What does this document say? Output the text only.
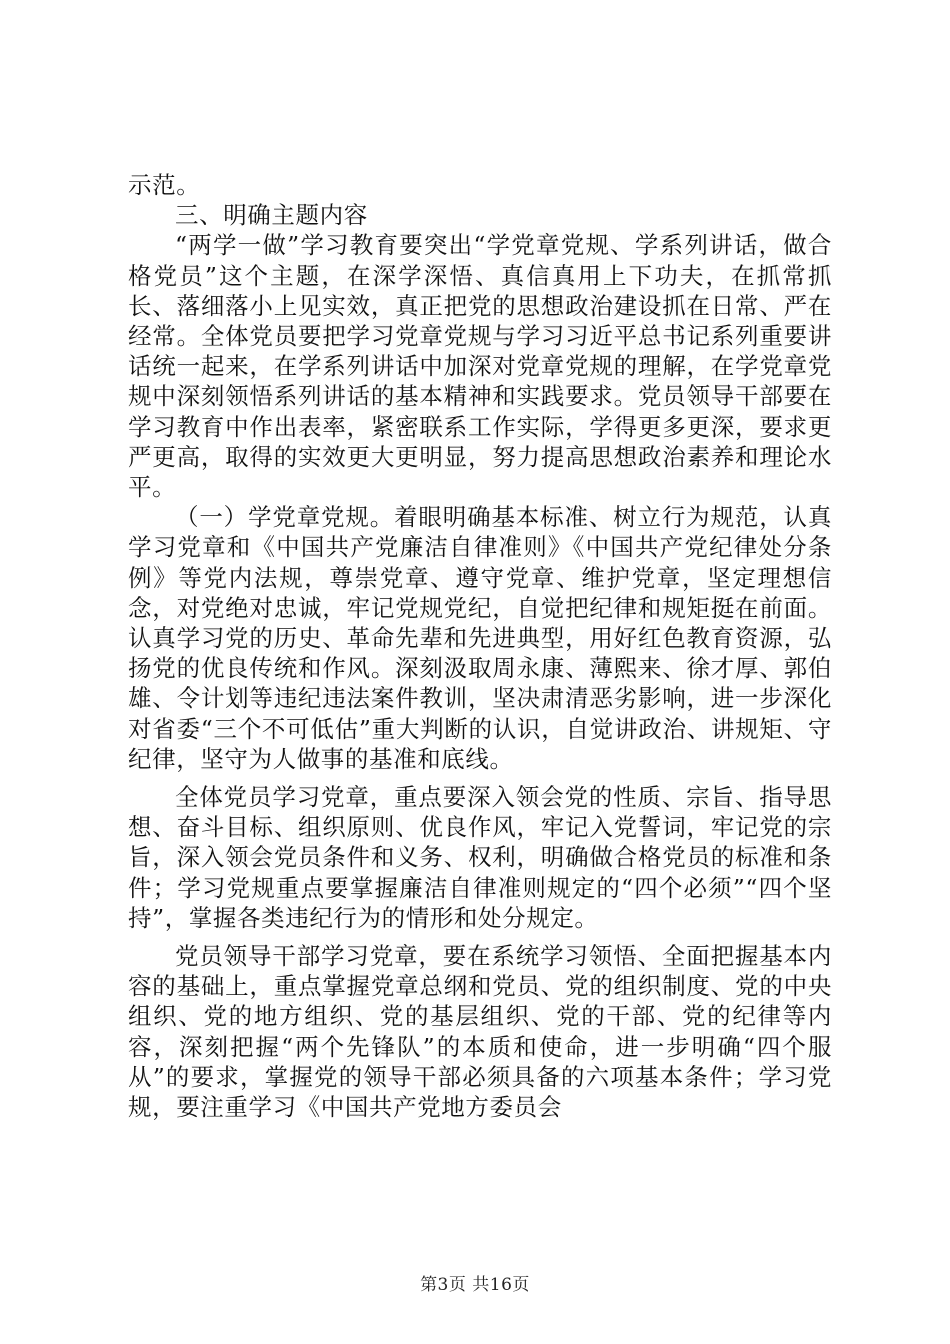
示范。

三、明确主题内容

“两学一做”学习教育要突出“学党章党规、学系列讲话，做合格党员”这个主题，在深学深悟、真信真用上下功夫，在抓常抓长、落细落小上见实效，真正把党的思想政治建设抓在日常、严在经常。全体党员要把学习党章党规与学习习近平总书记系列重要讲话统一起来，在学系列讲话中加深对党章党规的理解，在学党章党规中深刻领悟系列讲话的基本精神和实践要求。党员领导干部要在学习教育中作出表率，紧密联系工作实际，学得更多更深，要求更严更高，取得的实效更大更明显，努力提高思想政治素养和理论水平。

（一）学党章党规。着眼明确基本标准、树立行为规范，认真学习党章和《中国共产党廉洁自律准则》《中国共产党纪律处分条例》等党内法规，尊崇党章、遵守党章、维护党章，坚定理想信念，对党绝对忠诚，牢记党规党纪，自觉把纪律和规矩挺在前面。认真学习党的历史、革命先辈和先进典型，用好红色教育资源，弘扬党的优良传统和作风。深刻汲取周永康、薄熙来、徐才厚、郭伯雄、令计划等违纪违法案件教训，坚决肃清恶劣影响，进一步深化对省委“三个不可低估”重大判断的认识，自觉讲政治、讲规矩、守纪律，坚守为人做事的基准和底线。

全体党员学习党章，重点要深入领会党的性质、宗旨、指导思想、奋斗目标、组织原则、优良作风，牢记入党誓词，牢记党的宗旨，深入领会党员条件和义务、权利，明确做合格党员的标准和条件；学习党规重点要掌握廉洁自律准则规定的“四个必须”“四个坚持”，掌握各类违纪行为的情形和处分规定。

党员领导干部学习党章，要在系统学习领悟、全面把握基本内容的基础上，重点掌握党章总纲和党员、党的组织制度、党的中央组织、党的地方组织、党的基层组织、党的干部、党的纪律等内容，深刻把握“两个先锋队”的本质和使命，进一步明确“四个服从”的要求，掌握党的领导干部必须具备的六项基本条件；学习党规，要注重学习《中国共产党地方委员会

第3页 共16页
